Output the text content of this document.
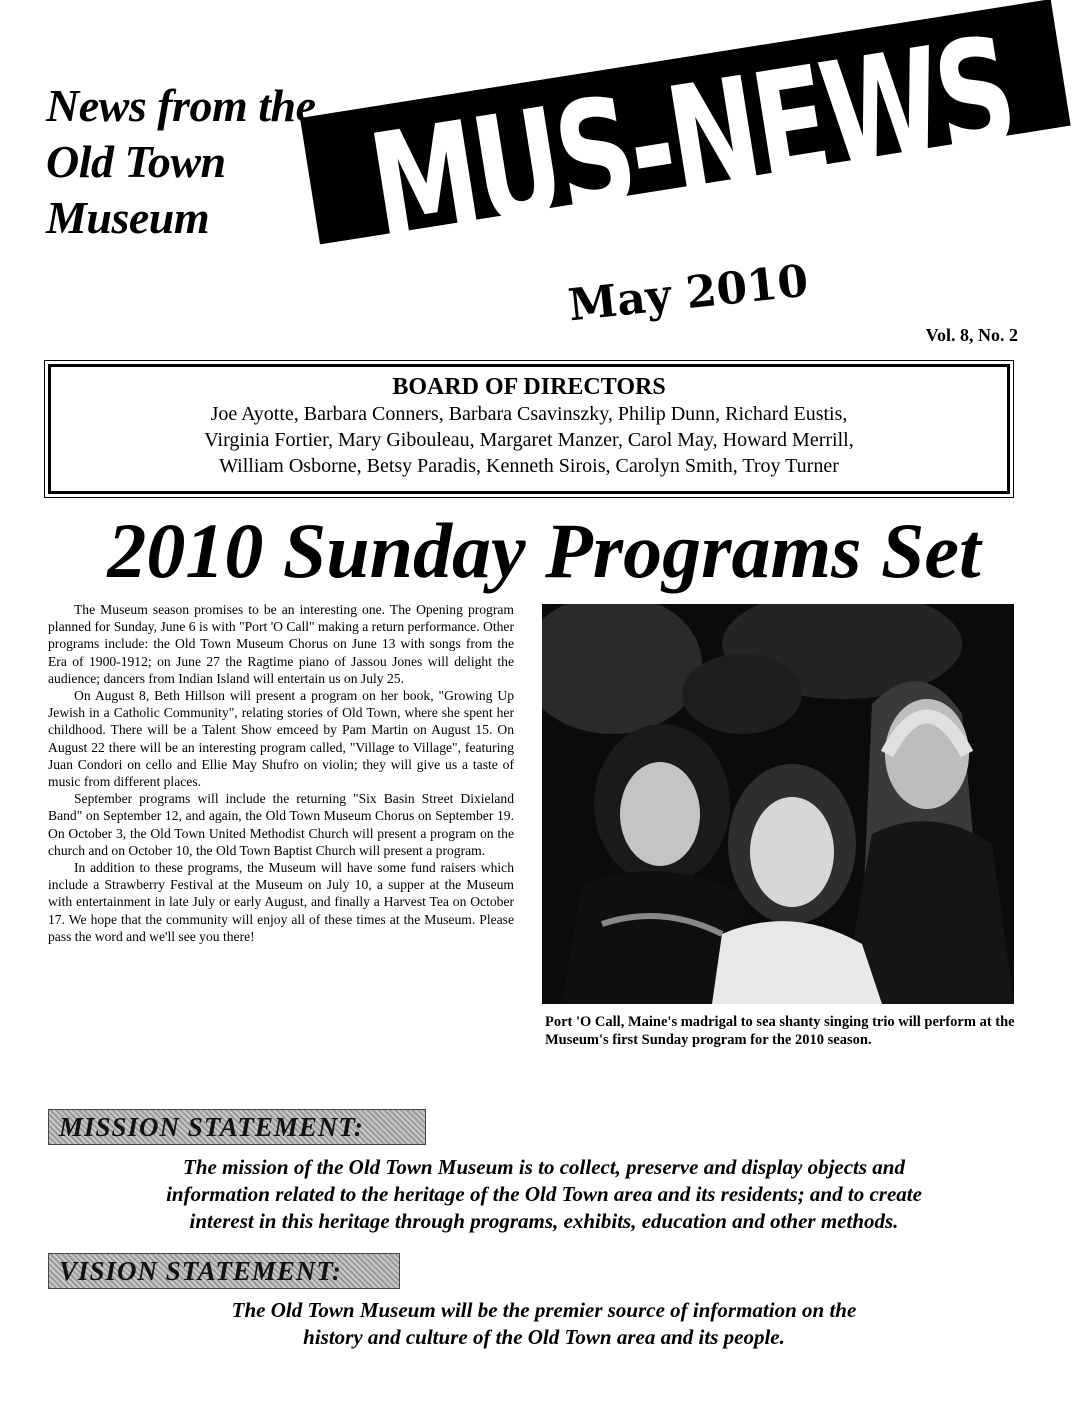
News from the
Old Town
Museum	MUS-NEWS
May 2010
Vol. 8, No. 2
BOARD OF DIRECTORS
Joe Ayotte, Barbara Conners, Barbara Csavinszky, Philip Dunn, Richard Eustis,
Virginia Fortier, Mary Gibouleau, Margaret Manzer, Carol May, Howard Merrill,
William Osborne, Betsy Paradis, Kenneth Sirois, Carolyn Smith, Troy Turner
2010 Sunday Programs Set

The Museum season promises to be an interesting one. The Opening program planned for Sunday, June 6 is with "Port 'O Call" making a return performance. Other programs include: the Old Town Museum Chorus on June 13 with songs from the Era of 1900-1912; on June 27 the Ragtime piano of Jassou Jones will delight the audience; dancers from Indian Island will entertain us on July 25.

On August 8, Beth Hillson will present a program on her book, "Growing Up Jewish in a Catholic Community", relating stories of Old Town, where she spent her childhood. There will be a Talent Show emceed by Pam Martin on August 15. On August 22 there will be an interesting program called, "Village to Village", featuring Juan Condori on cello and Ellie May Shufro on violin; they will give us a taste of music from different places.

September programs will include the returning "Six Basin Street Dixieland Band" on September 12, and again, the Old Town Museum Chorus on September 19. On October 3, the Old Town United Methodist Church will present a program on the church and on October 10, the Old Town Baptist Church will present a program.

In addition to these programs, the Museum will have some fund raisers which include a Strawberry Festival at the Museum on July 10, a supper at the Museum with entertainment in late July or early August, and finally a Harvest Tea on October 17. We hope that the community will enjoy all of these times at the Museum. Please pass the word and we'll see you there!

Port 'O Call, Maine's madrigal to sea shanty singing trio will perform at the Museum's first Sunday program for the 2010 season.
MISSION STATEMENT:
The mission of the Old Town Museum is to collect, preserve and display objects and
information related to the heritage of the Old Town area and its residents; and to create
interest in this heritage through programs, exhibits, education and other methods.
VISION STATEMENT:
The Old Town Museum will be the premier source of information on the
history and culture of the Old Town area and its people.
